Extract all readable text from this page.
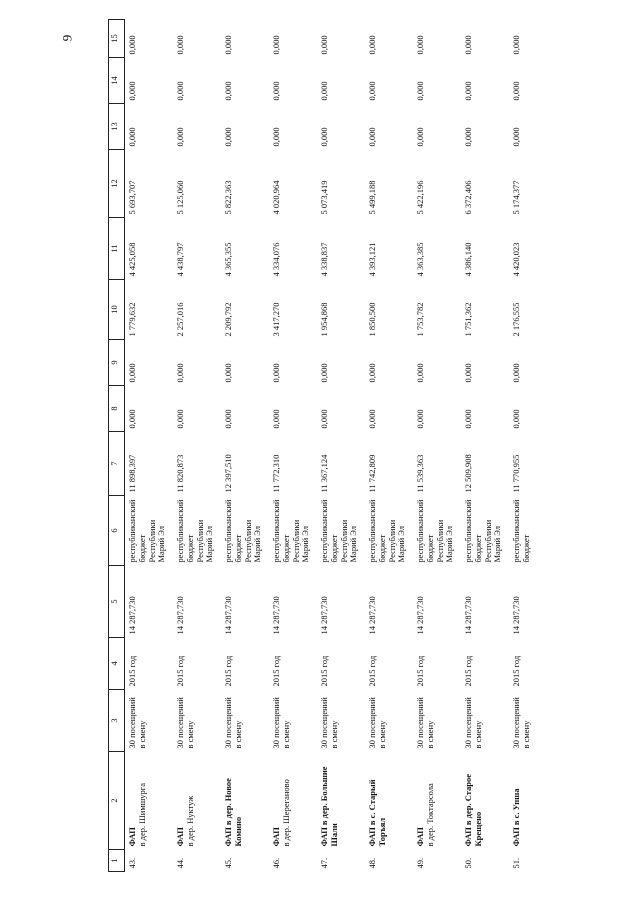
9
1	2	3	4	5	6	7	8	9	10	11	12	13	14	15
43.	ФАП в дер. Шимшурга	30 посещений в смену	2015 год	14 287,730	республиканский бюджет Республики Марий Эл	11 898,397	0,000	0,000	1 779,632	4 425,058	5 693,707	0,000	0,000	0,000
44.	ФАП в дер. Нуктуж	30 посещений в смену	2015 год	14 287,730	республиканский бюджет Республики Марий Эл	11 820,873	0,000	0,000	2 257,016	4 438,797	5 125,060	0,000	0,000	0,000
45.	ФАП в дер. Новое Комино	30 посещений в смену	2015 год	14 287,730	республиканский бюджет Республики Марий Эл	12 397,510	0,000	0,000	2 209,792	4 365,355	5 822,363	0,000	0,000	0,000
46.	ФАП в дер. Шереганово	30 посещений в смену	2015 год	14 287,730	республиканский бюджет Республики Марий Эл	11 772,310	0,000	0,000	3 417,270	4 334,076	4 020,964	0,000	0,000	0,000
47.	ФАП в дер. Большие Шали	30 посещений в смену	2015 год	14 287,730	республиканский бюджет Республики Марий Эл	11 367,124	0,000	0,000	1 954,868	4 338,837	5 073,419	0,000	0,000	0,000
48.	ФАП в с. Старый Торъял	30 посещений в смену	2015 год	14 287,730	республиканский бюджет Республики Марий Эл	11 742,809	0,000	0,000	1 850,500	4 393,121	5 499,188	0,000	0,000	0,000
49.	ФАП в дер. Токтарсола	30 посещений в смену	2015 год	14 287,730	республиканский бюджет Республики Марий Эл	11 539,363	0,000	0,000	1 753,782	4 363,385	5 422,196	0,000	0,000	0,000
50.	ФАП в дер. Старое Крещено	30 посещений в смену	2015 год	14 287,730	республиканский бюджет Республики Марий Эл	12 509,908	0,000	0,000	1 751,362	4 386,140	6 372,406	0,000	0,000	0,000
51.	ФАП в с. Упша	30 посещений в смену	2015 год	14 287,730	республиканский бюджет	11 770,955	0,000	0,000	2 176,555	4 420,023	5 174,377	0,000	0,000	0,000
